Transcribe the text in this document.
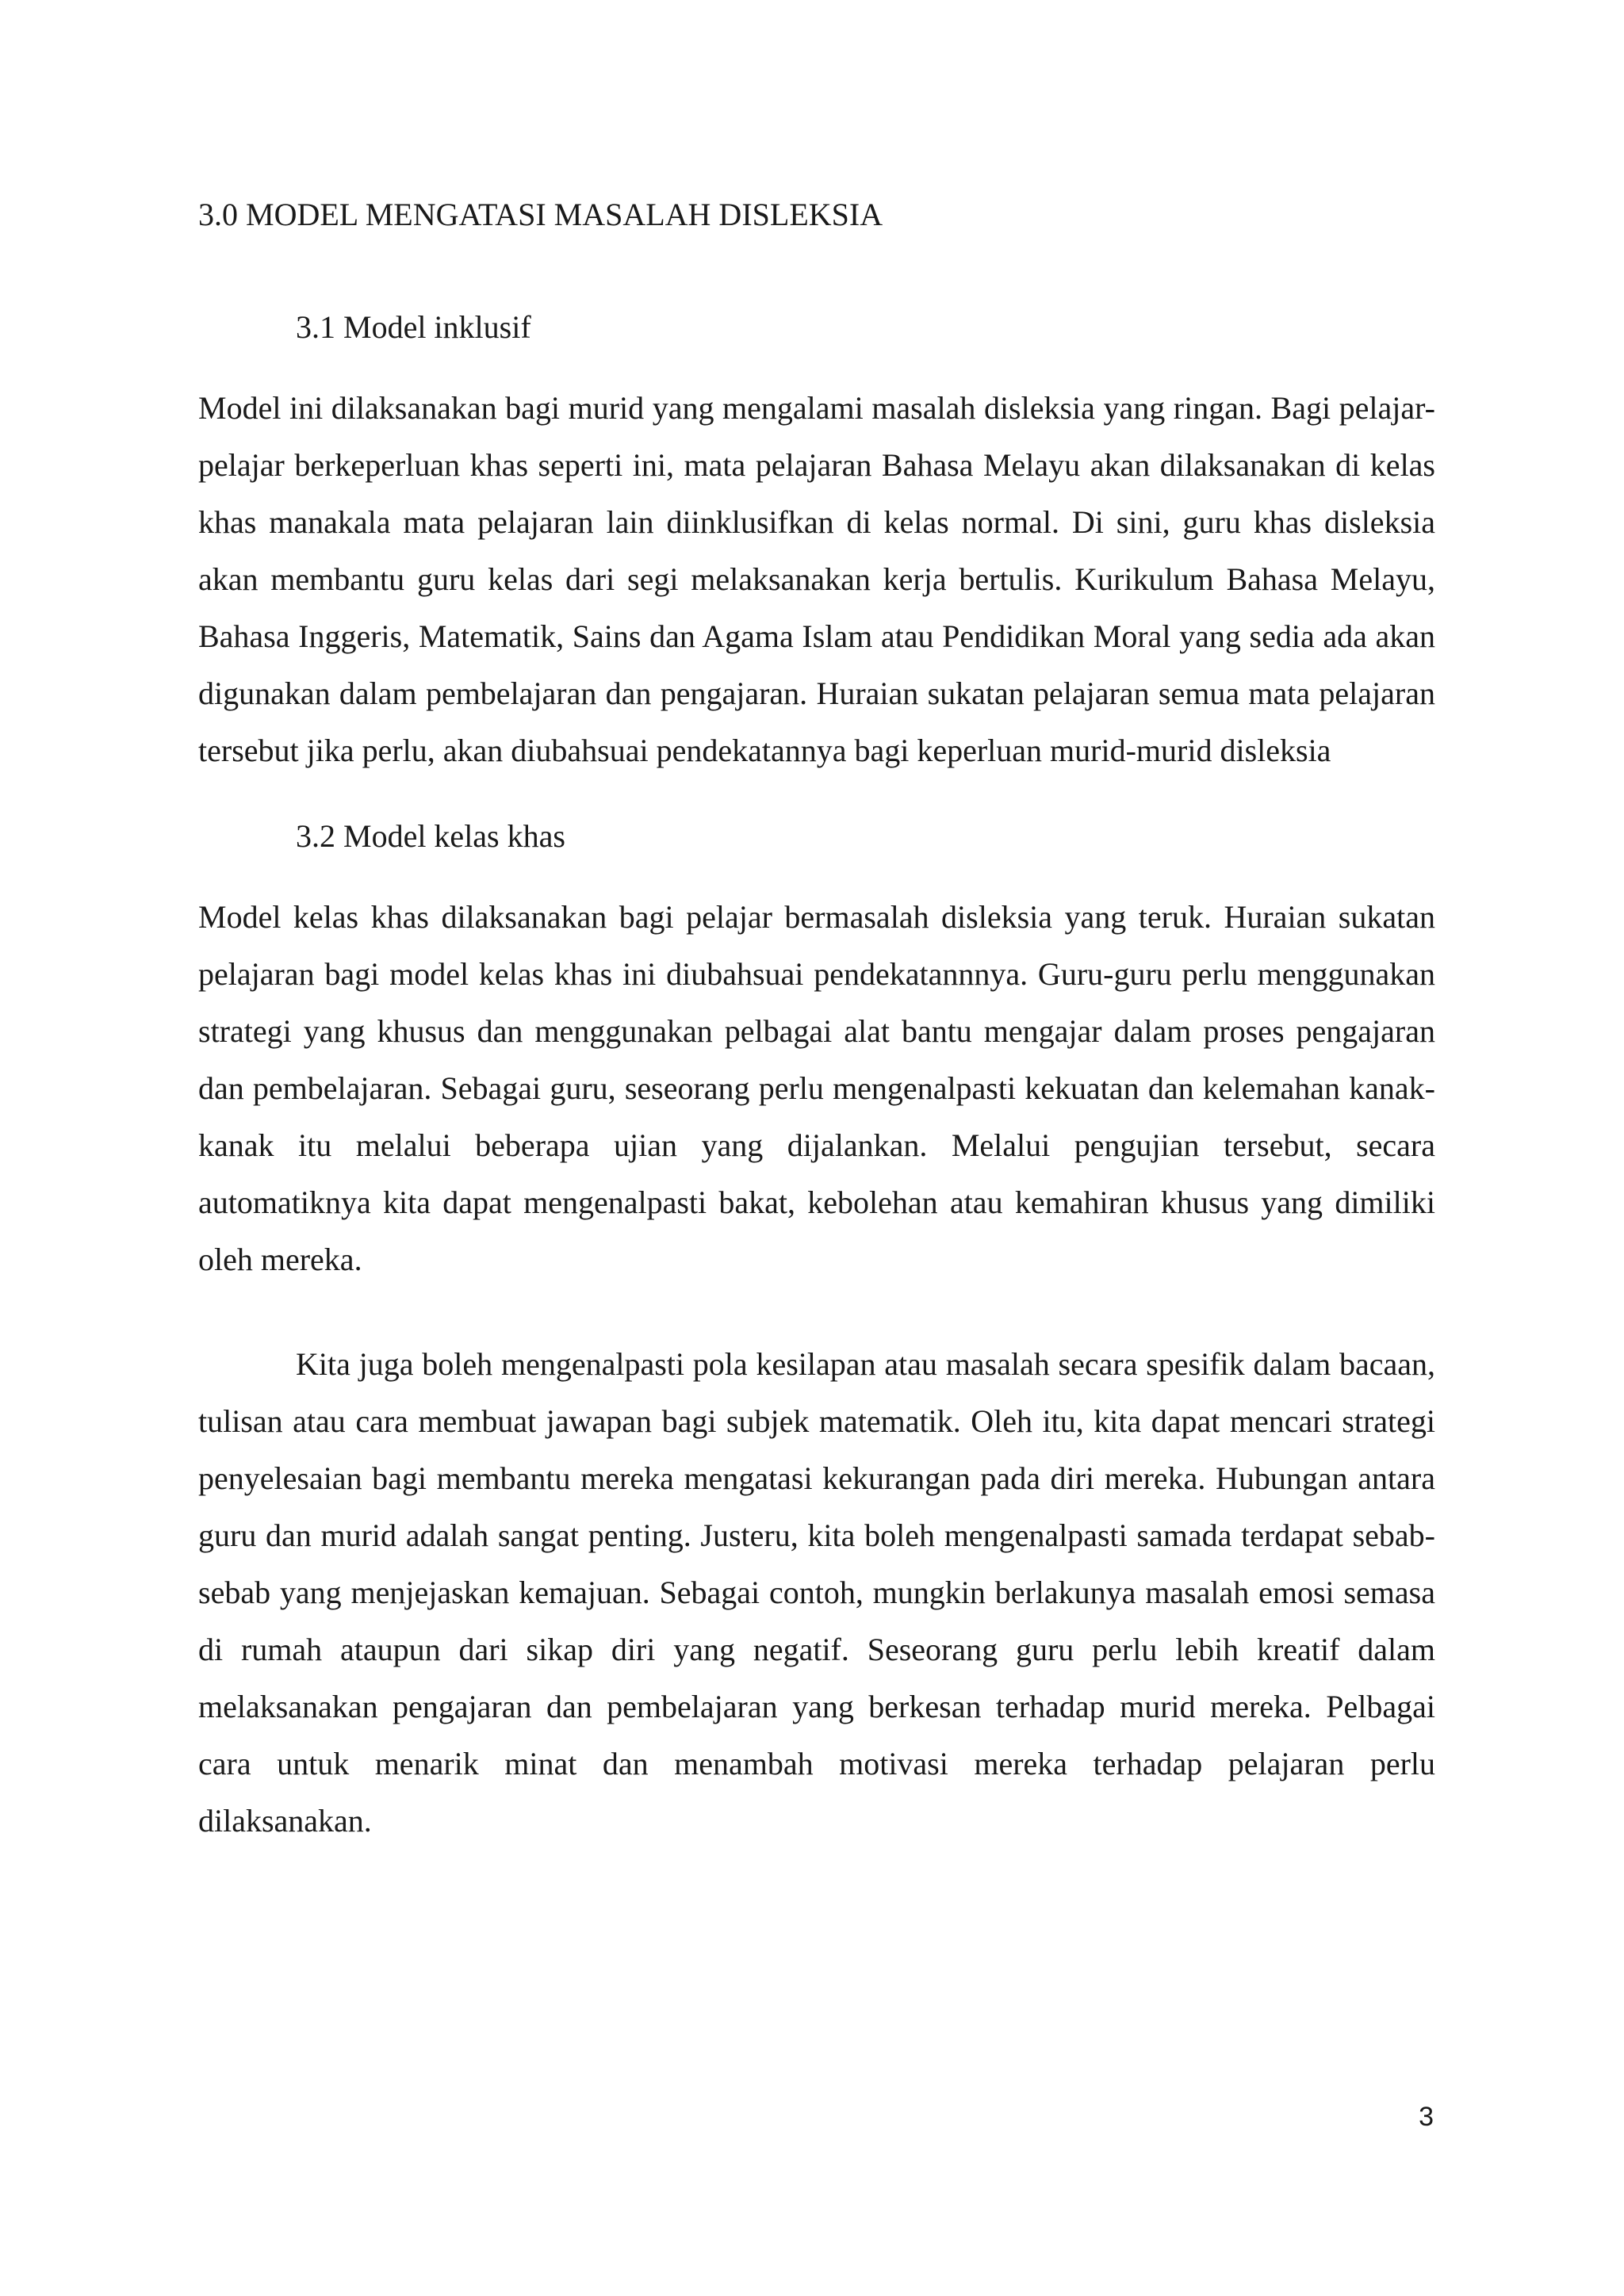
3.0 MODEL MENGATASI MASALAH DISLEKSIA
3.1 Model inklusif

Model ini dilaksanakan bagi murid yang mengalami masalah disleksia yang ringan. Bagi pelajar-pelajar berkeperluan khas seperti ini, mata pelajaran Bahasa Melayu akan dilaksanakan di kelas khas manakala mata pelajaran lain diinklusifkan di kelas normal. Di sini, guru khas disleksia akan membantu guru kelas dari segi melaksanakan kerja bertulis. Kurikulum Bahasa Melayu, Bahasa Inggeris, Matematik, Sains dan Agama Islam atau Pendidikan Moral yang sedia ada akan digunakan dalam pembelajaran dan pengajaran. Huraian sukatan pelajaran semua mata pelajaran tersebut jika perlu, akan diubahsuai pendekatannya bagi keperluan murid-murid disleksia

3.2 Model kelas khas

Model kelas khas dilaksanakan bagi pelajar bermasalah disleksia yang teruk. Huraian sukatan pelajaran bagi model kelas khas ini diubahsuai pendekatannnya. Guru-guru perlu menggunakan strategi yang khusus dan menggunakan pelbagai alat bantu mengajar dalam proses pengajaran dan pembelajaran. Sebagai guru, seseorang perlu mengenalpasti kekuatan dan kelemahan kanak-kanak itu melalui beberapa ujian yang dijalankan. Melalui pengujian tersebut, secara automatiknya kita dapat mengenalpasti bakat, kebolehan atau kemahiran khusus yang dimiliki oleh mereka.

Kita juga boleh mengenalpasti pola kesilapan atau masalah secara spesifik dalam bacaan, tulisan atau cara membuat jawapan bagi subjek matematik. Oleh itu, kita dapat mencari strategi penyelesaian bagi membantu mereka mengatasi kekurangan pada diri mereka. Hubungan antara guru dan murid adalah sangat penting. Justeru, kita boleh mengenalpasti samada terdapat sebab-sebab yang menjejaskan kemajuan. Sebagai contoh, mungkin berlakunya masalah emosi semasa di rumah ataupun dari sikap diri yang negatif. Seseorang guru perlu lebih kreatif dalam melaksanakan pengajaran dan pembelajaran yang berkesan terhadap murid mereka. Pelbagai cara untuk menarik minat dan menambah motivasi mereka terhadap pelajaran perlu dilaksanakan.

3
